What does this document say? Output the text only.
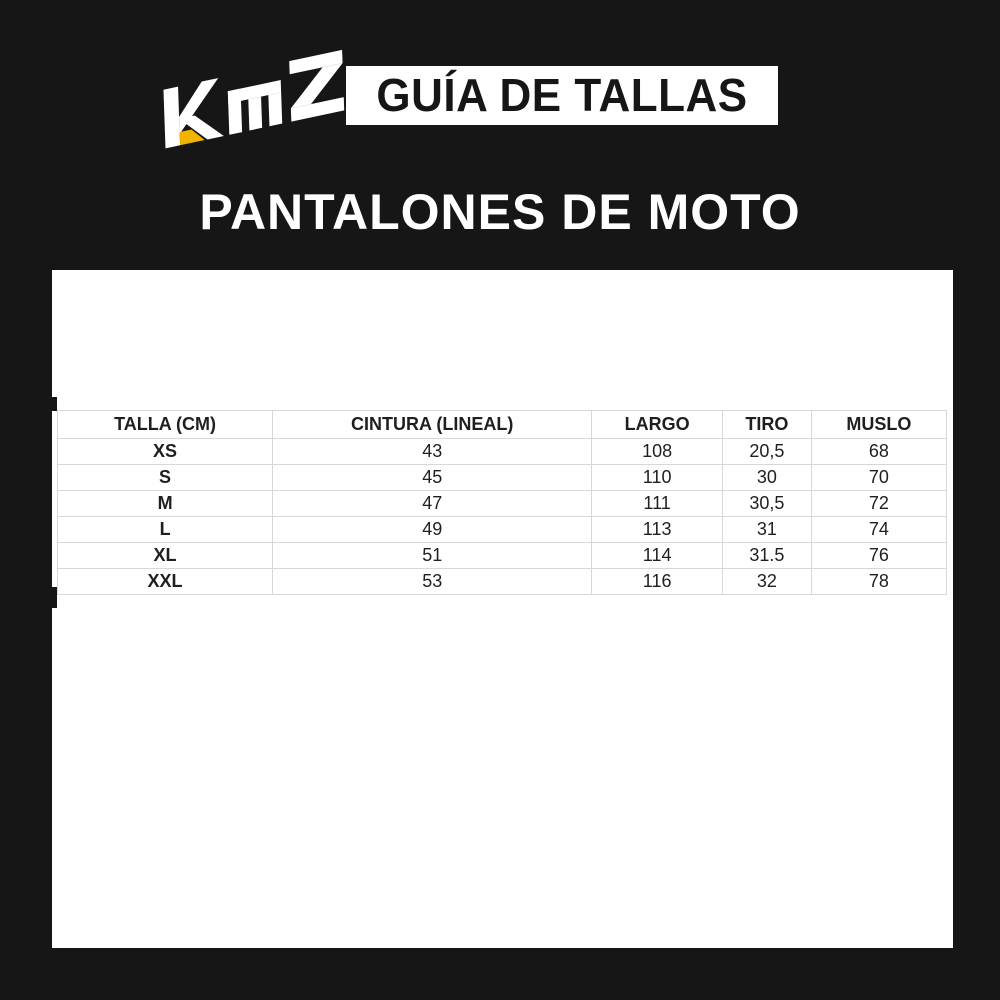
GUÍA DE TALLAS
PANTALONES DE MOTO
TALLA (CM)	CINTURA (LINEAL)	LARGO	TIRO	MUSLO
XS	43	108	20,5	68
S	45	110	30	70
M	47	111	30,5	72
L	49	113	31	74
XL	51	114	31.5	76
XXL	53	116	32	78
